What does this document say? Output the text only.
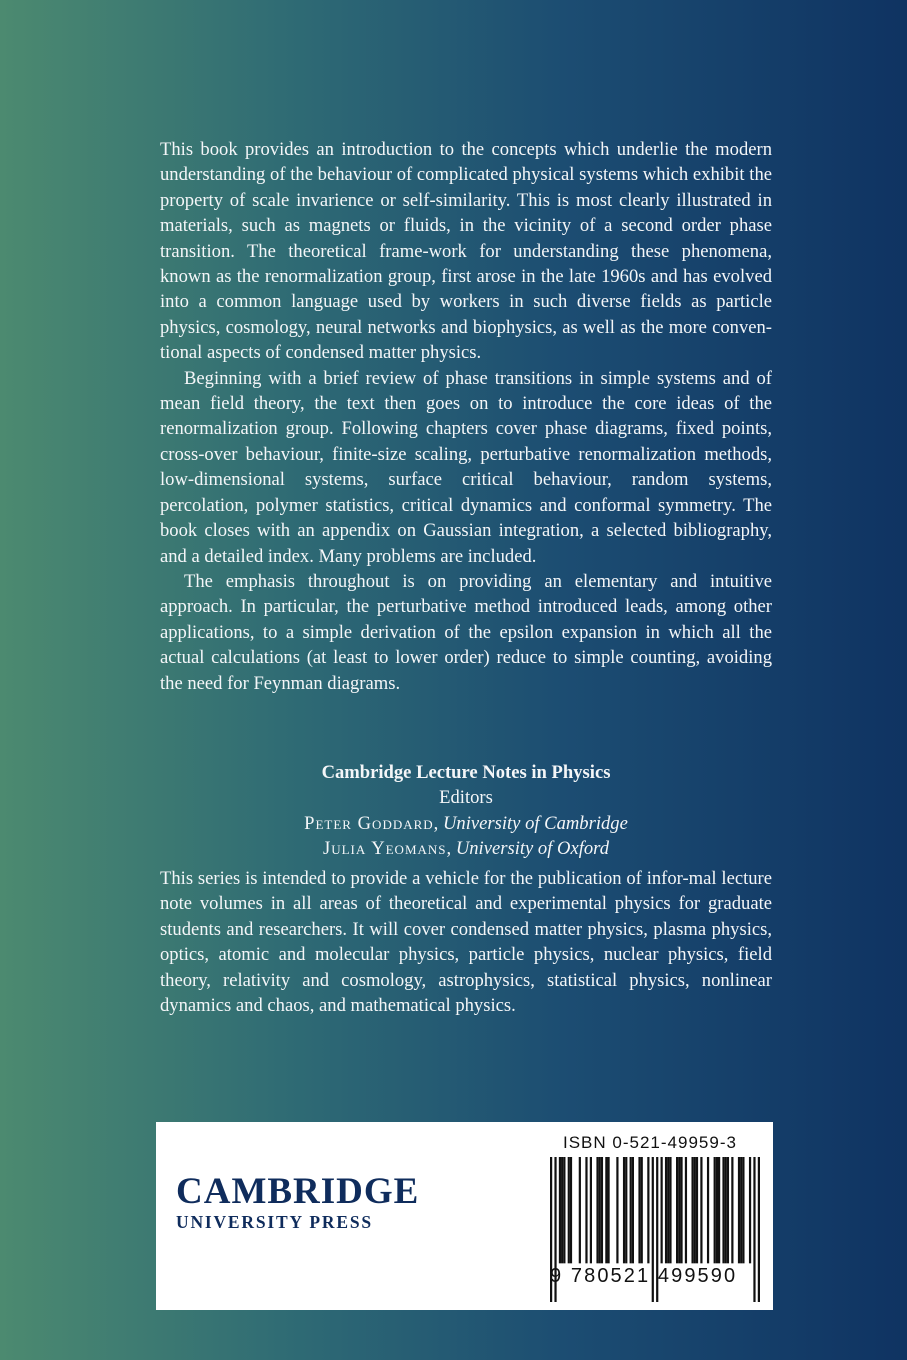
This book provides an introduction to the concepts which underlie the modern understanding of the behaviour of complicated physical systems which exhibit the property of scale invarience or self-similarity. This is most clearly illustrated in materials, such as magnets or fluids, in the vicinity of a second order phase transition. The theoretical frame-work for understanding these phenomena, known as the renormalization group, first arose in the late 1960s and has evolved into a common language used by workers in such diverse fields as particle physics, cosmology, neural networks and biophysics, as well as the more conven-tional aspects of condensed matter physics.

Beginning with a brief review of phase transitions in simple systems and of mean field theory, the text then goes on to introduce the core ideas of the renormalization group. Following chapters cover phase diagrams, fixed points, cross-over behaviour, finite-size scaling, perturbative renormalization methods, low-dimensional systems, surface critical behaviour, random systems, percolation, polymer statistics, critical dynamics and conformal symmetry. The book closes with an appendix on Gaussian integration, a selected bibliography, and a detailed index. Many problems are included.

The emphasis throughout is on providing an elementary and intuitive approach. In particular, the perturbative method introduced leads, among other applications, to a simple derivation of the epsilon expansion in which all the actual calculations (at least to lower order) reduce to simple counting, avoiding the need for Feynman diagrams.

Cambridge Lecture Notes in Physics
Editors
Peter Goddard, University of Cambridge
Julia Yeomans, University of Oxford
This series is intended to provide a vehicle for the publication of infor-mal lecture note volumes in all areas of theoretical and experimental physics for graduate students and researchers. It will cover condensed matter physics, plasma physics, optics, atomic and molecular physics, particle physics, nuclear physics, field theory, relativity and cosmology, astrophysics, statistical physics, nonlinear dynamics and chaos, and mathematical physics.
CAMBRIDGE
UNIVERSITY PRESS
ISBN 0-521-49959-3
9 780521 499590
